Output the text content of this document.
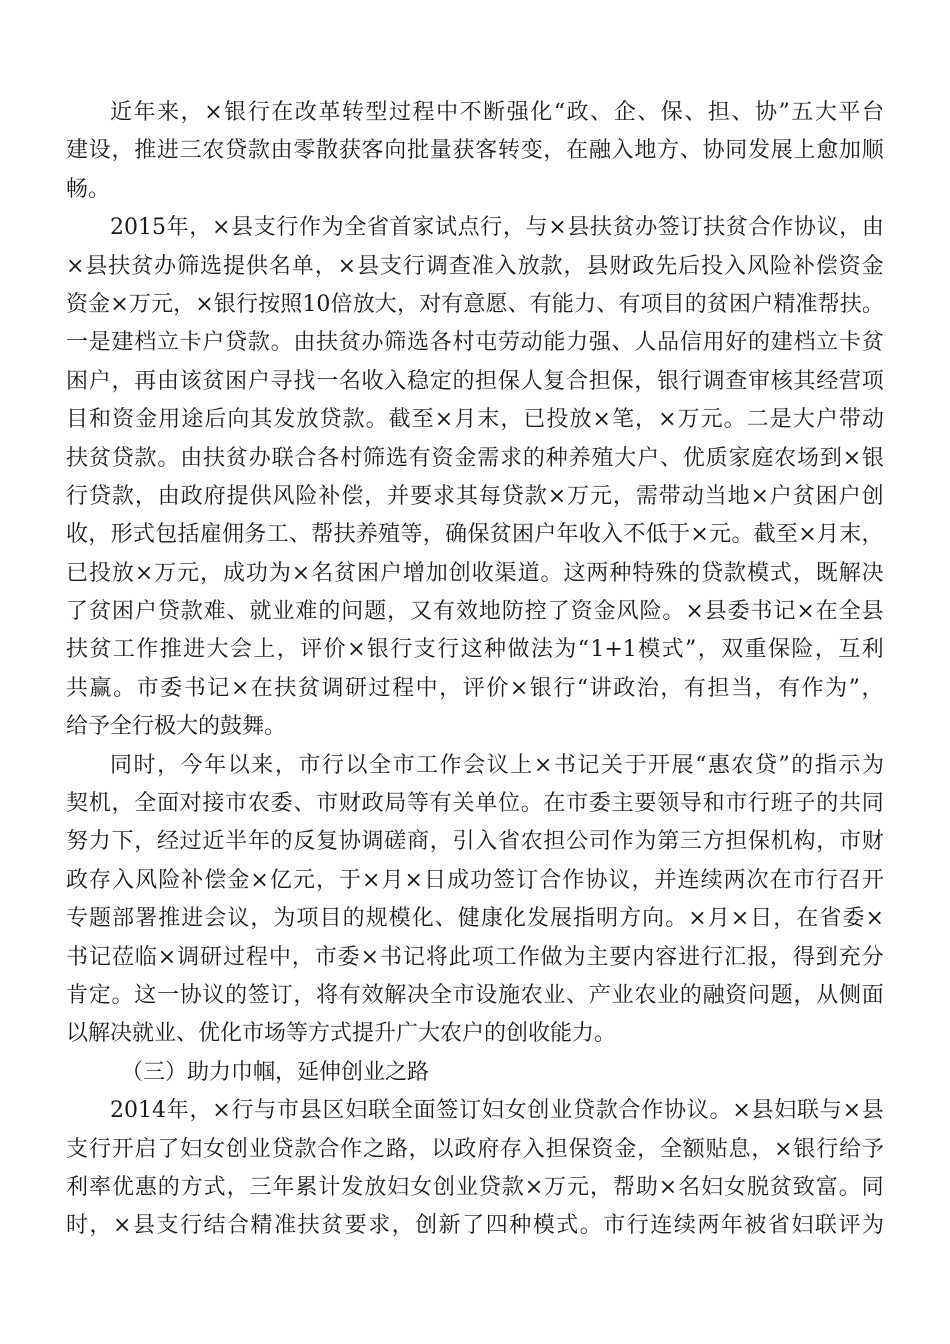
近 年 来 ， × 银 行 在 改 革 转 型 过 程 中 不 断 强 化 “ 政 、 企 、 保 、 担 、 协 ” 五 大 平 台
建 设 ， 推 进 三 农 贷 款 由 零 散 获 客 向 批 量 获 客 转 变 ， 在 融 入 地 方 、 协 同 发 展 上 愈 加 顺
畅。
2015 年 ， × 县 支 行 作 为 全 省 首 家 试 点 行 ， 与 × 县 扶 贫 办 签 订 扶 贫 合 作 协 议 ， 由
× 县 扶 贫 办 筛 选 提 供 名 单 ， × 县 支 行 调 查 准 入 放 款 ， 县 财 政 先 后 投 入 风 险 补 偿 资 金
资 金 × 万 元 ， × 银 行 按 照 10 倍 放 大 ， 对 有 意 愿 、 有 能 力 、 有 项 目 的 贫 困 户 精 准 帮 扶 。
一 是 建 档 立 卡 户 贷 款 。 由 扶 贫 办 筛 选 各 村 屯 劳 动 能 力 强 、 人 品 信 用 好 的 建 档 立 卡 贫
困 户 ， 再 由 该 贫 困 户 寻 找 一 名 收 入 稳 定 的 担 保 人 复 合 担 保 ， 银 行 调 查 审 核 其 经 营 项
目 和 资 金 用 途 后 向 其 发 放 贷 款 。 截 至 × 月 末 ， 已 投 放 × 笔 ， × 万 元 。 二 是 大 户 带 动
扶 贫 贷 款 。 由 扶 贫 办 联 合 各 村 筛 选 有 资 金 需 求 的 种 养 殖 大 户 、 优 质 家 庭 农 场 到 × 银
行 贷 款 ， 由 政 府 提 供 风 险 补 偿 ， 并 要 求 其 每 贷 款 × 万 元 ， 需 带 动 当 地 × 户 贫 困 户 创
收 ， 形 式 包 括 雇 佣 务 工 、 帮 扶 养 殖 等 ， 确 保 贫 困 户 年 收 入 不 低 于 × 元 。 截 至 × 月 末 ，
已 投 放 × 万 元 ， 成 功 为 × 名 贫 困 户 增 加 创 收 渠 道 。 这 两 种 特 殊 的 贷 款 模 式 ， 既 解 决
了 贫 困 户 贷 款 难 、 就 业 难 的 问 题 ， 又 有 效 地 防 控 了 资 金 风 险 。 × 县 委 书 记 × 在 全 县
扶 贫 工 作 推 进 大 会 上 ， 评 价 × 银 行 支 行 这 种 做 法 为 “ 1+1 模 式 ” ， 双 重 保 险 ， 互 利
共 赢 。 市 委 书 记 × 在 扶 贫 调 研 过 程 中 ， 评 价 × 银 行 “ 讲 政 治 ， 有 担 当 ， 有 作 为 ” ，
给予全行极大的鼓舞。
同 时 ， 今 年 以 来 ， 市 行 以 全 市 工 作 会 议 上 × 书 记 关 于 开 展 “ 惠 农 贷 ” 的 指 示 为
契 机 ， 全 面 对 接 市 农 委 、 市 财 政 局 等 有 关 单 位 。 在 市 委 主 要 领 导 和 市 行 班 子 的 共 同
努 力 下 ， 经 过 近 半 年 的 反 复 协 调 磋 商 ， 引 入 省 农 担 公 司 作 为 第 三 方 担 保 机 构 ， 市 财
政 存 入 风 险 补 偿 金 × 亿 元 ， 于 × 月 × 日 成 功 签 订 合 作 协 议 ， 并 连 续 两 次 在 市 行 召 开
专 题 部 署 推 进 会 议 ， 为 项 目 的 规 模 化 、 健 康 化 发 展 指 明 方 向 。 × 月 × 日 ， 在 省 委 ×
书 记 莅 临 × 调 研 过 程 中 ， 市 委 × 书 记 将 此 项 工 作 做 为 主 要 内 容 进 行 汇 报 ， 得 到 充 分
肯 定 。 这 一 协 议 的 签 订 ， 将 有 效 解 决 全 市 设 施 农 业 、 产 业 农 业 的 融 资 问 题 ， 从 侧 面
以解决就业、优化市场等方式提升广大农户的创收能力。
（三）助力巾帼，延伸创业之路
2014 年 ， × 行 与 市 县 区 妇 联 全 面 签 订 妇 女 创 业 贷 款 合 作 协 议 。 × 县 妇 联 与 × 县
支 行 开 启 了 妇 女 创 业 贷 款 合 作 之 路 ， 以 政 府 存 入 担 保 资 金 ， 全 额 贴 息 ， × 银 行 给 予
利 率 优 惠 的 方 式 ， 三 年 累 计 发 放 妇 女 创 业 贷 款 × 万 元 ， 帮 助 × 名 妇 女 脱 贫 致 富 。 同
时 ， × 县 支 行 结 合 精 准 扶 贫 要 求 ， 创 新 了 四 种 模 式 。 市 行 连 续 两 年 被 省 妇 联 评 为
